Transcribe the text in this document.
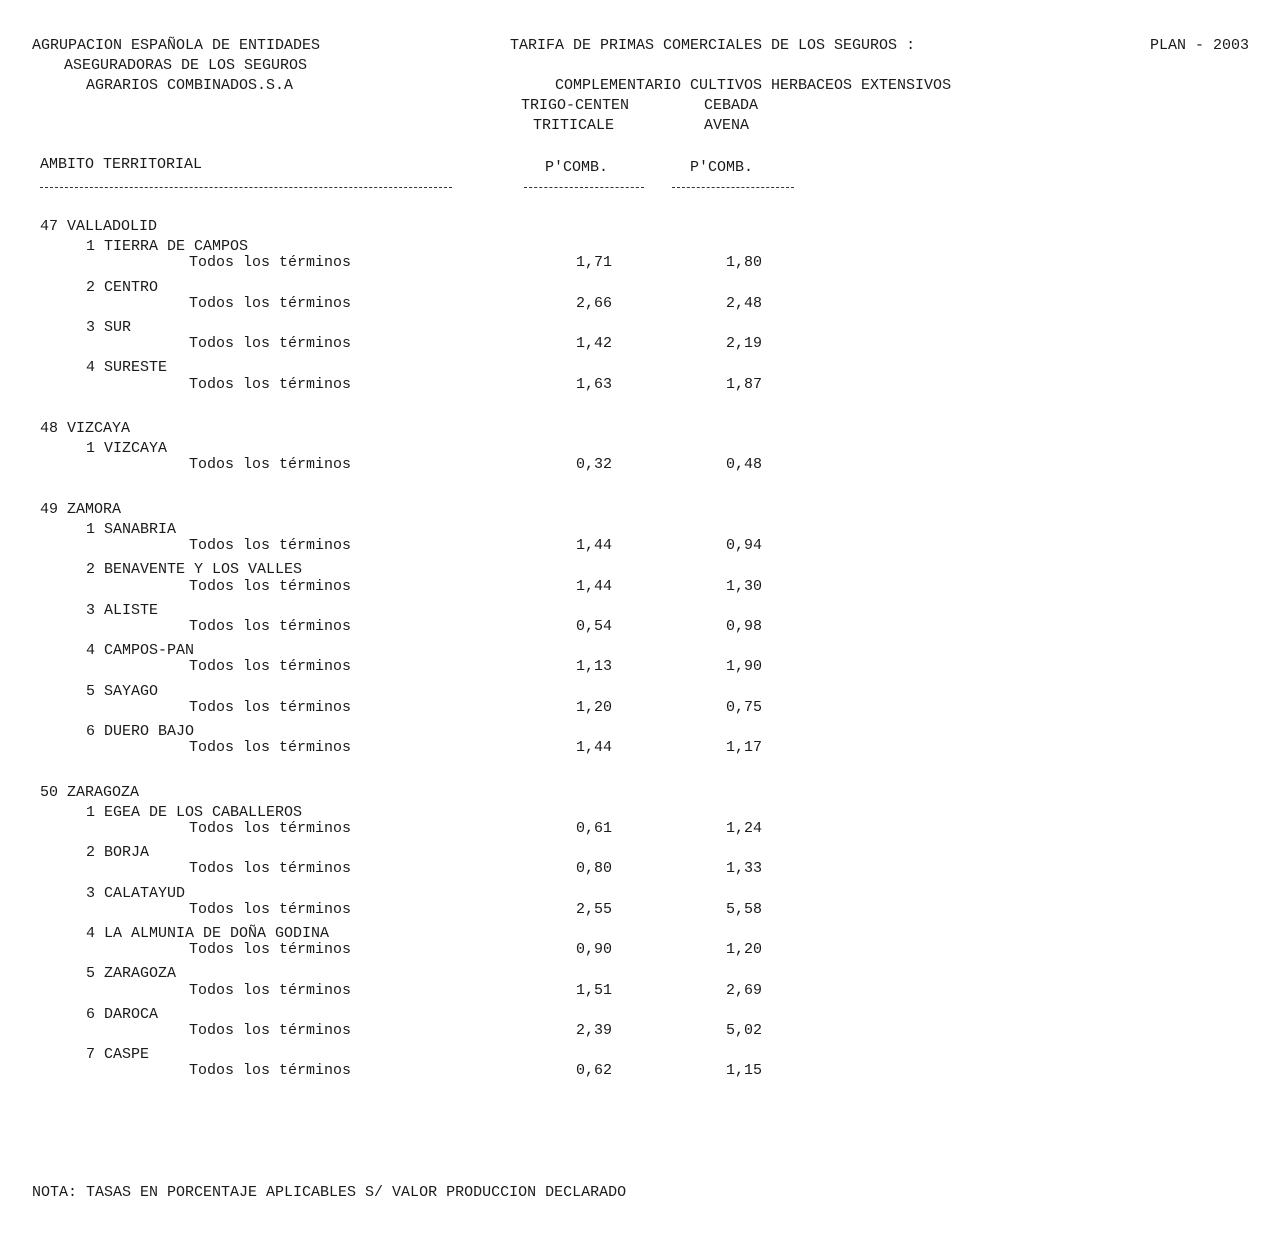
AGRUPACION ESPAÑOLA DE ENTIDADES
ASEGURADORAS DE LOS SEGUROS
AGRARIOS COMBINADOS.S.A
TARIFA DE PRIMAS COMERCIALES DE LOS SEGUROS :	PLAN - 2003
COMPLEMENTARIO CULTIVOS HERBACEOS EXTENSIVOS
TRIGO-CENTEN
TRITICALE
CEBADA
AVENA
AMBITO TERRITORIAL	P'COMB.	P'COMB.
47 VALLADOLID
1 TIERRA DE CAMPOS
Todos los términos	1,71	1,80
2 CENTRO
Todos los términos	2,66	2,48
3 SUR
Todos los términos	1,42	2,19
4 SURESTE
Todos los términos	1,63	1,87
48 VIZCAYA
1 VIZCAYA
Todos los términos	0,32	0,48
49 ZAMORA
1 SANABRIA
Todos los términos	1,44	0,94
2 BENAVENTE Y LOS VALLES
Todos los términos	1,44	1,30
3 ALISTE
Todos los términos	0,54	0,98
4 CAMPOS-PAN
Todos los términos	1,13	1,90
5 SAYAGO
Todos los términos	1,20	0,75
6 DUERO BAJO
Todos los términos	1,44	1,17
50 ZARAGOZA
1 EGEA DE LOS CABALLEROS
Todos los términos	0,61	1,24
2 BORJA
Todos los términos	0,80	1,33
3 CALATAYUD
Todos los términos	2,55	5,58
4 LA ALMUNIA DE DOÑA GODINA
Todos los términos	0,90	1,20
5 ZARAGOZA
Todos los términos	1,51	2,69
6 DAROCA
Todos los términos	2,39	5,02
7 CASPE
Todos los términos	0,62	1,15
NOTA: TASAS EN PORCENTAJE APLICABLES S/ VALOR PRODUCCION DECLARADO
